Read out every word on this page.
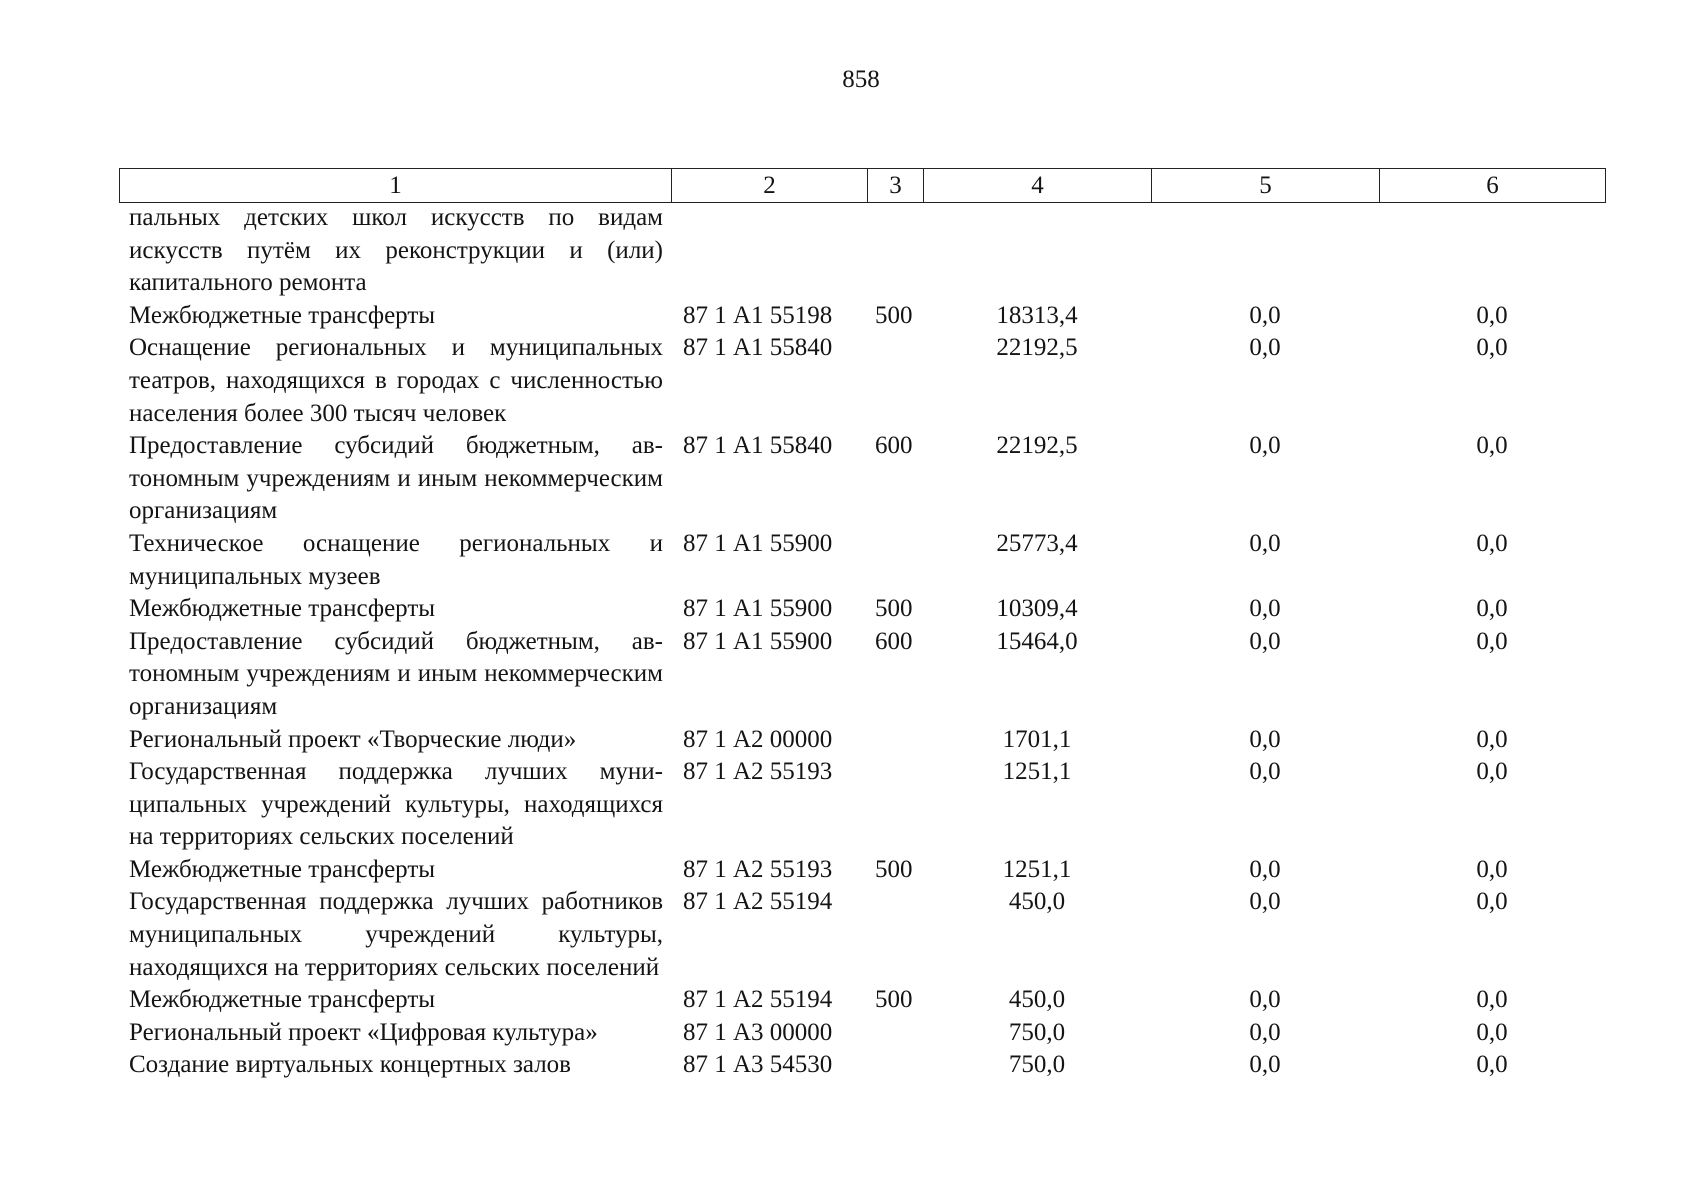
858
1	2	3	4	5	6
пальных детских школ искусств по видам искусств путём их реконструкции и (или) капитального ремонта					
Межбюджетные трансферты	87 1 А1 55198	500	18313,4	0,0	0,0
Оснащение региональных и муниципальных театров, находящихся в городах с численностью населения более 300 тысяч человек	87 1 А1 55840		22192,5	0,0	0,0
Предоставление субсидий бюджетным, автономным учреждениям и иным некоммерческим организациям	87 1 А1 55840	600	22192,5	0,0	0,0
Техническое оснащение региональных и муниципальных музеев	87 1 А1 55900		25773,4	0,0	0,0
Межбюджетные трансферты	87 1 А1 55900	500	10309,4	0,0	0,0
Предоставление субсидий бюджетным, автономным учреждениям и иным некоммерческим организациям	87 1 А1 55900	600	15464,0	0,0	0,0
Региональный проект «Творческие люди»	87 1 А2 00000		1701,1	0,0	0,0
Государственная поддержка лучших муниципальных учреждений культуры, находящихся на территориях сельских поселений	87 1 А2 55193		1251,1	0,0	0,0
Межбюджетные трансферты	87 1 А2 55193	500	1251,1	0,0	0,0
Государственная поддержка лучших работников муниципальных учреждений культуры, находящихся на территориях сельских поселений	87 1 А2 55194		450,0	0,0	0,0
Межбюджетные трансферты	87 1 А2 55194	500	450,0	0,0	0,0
Региональный проект «Цифровая культура»	87 1 А3 00000		750,0	0,0	0,0
Создание виртуальных концертных залов	87 1 А3 54530		750,0	0,0	0,0
